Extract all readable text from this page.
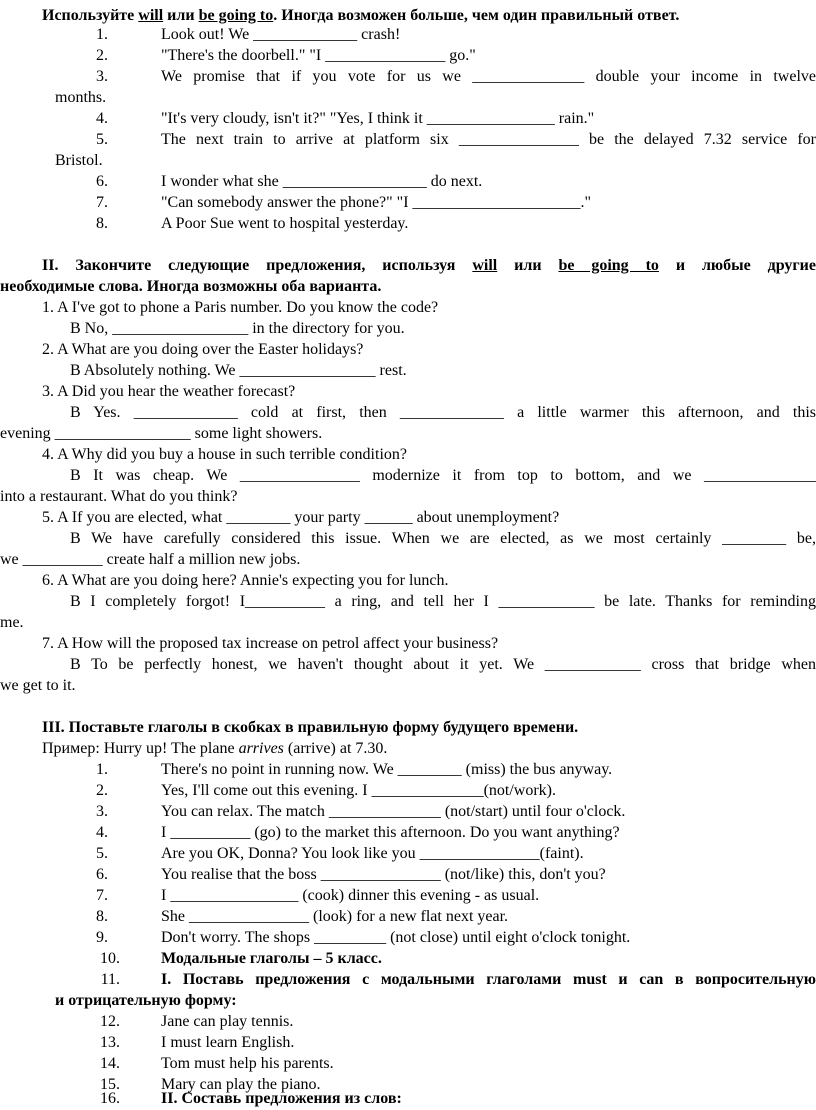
Используйте will или be going to. Иногда возможен больше, чем один правильный ответ.
1.	Look out! We _____________ crash!
2.	"There's the doorbell." "I _______________ go."
3.	We promise that if you vote for us we ______________ double your income in twelve
months.
4.	"It's very cloudy, isn't it?" "Yes, I think it ________________ rain."
5.	The next train to arrive at platform six _______________ be the delayed 7.32 service for
Bristol.
6.	I wonder what she __________________ do next.
7.	"Can somebody answer the phone?" "I _____________________."
8.	A Poor Sue went to hospital yesterday.
II. Закончите следующие предложения, используя will или be going to и любые другие
необходимые слова. Иногда возможны оба варианта.
1. A I've got to phone a Paris number. Do you know the code?
B No, _________________ in the directory for you.
2. A What are you doing over the Easter holidays?
B Absolutely nothing. We _________________ rest.
3. A Did you hear the weather forecast?
B Yes. _____________ cold at first, then _____________ a little warmer this afternoon, and this
evening _________________ some light showers.
4. A Why did you buy a house in such terrible condition?
B It was cheap. We _______________ modernize it from top to bottom, and we ______________
into a restaurant. What do you think?
5. A If you are elected, what ________ your party ______ about unemployment?
B We have carefully considered this issue. When we are elected, as we most certainly ________ be,
we __________ create half a million new jobs.
6. A What are you doing here? Annie's expecting you for lunch.
B I completely forgot! I__________ a ring, and tell her I ____________ be late. Thanks for reminding
me.
7. A How will the proposed tax increase on petrol affect your business?
B To be perfectly honest, we haven't thought about it yet. We ____________ cross that bridge when
we get to it.
III. Поставьте глаголы в скобках в правильную форму будущего времени.
Пример: Hurry up! The plane arrives (arrive) at 7.30.
1.	There's no point in running now. We ________ (miss) the bus anyway.
2.	Yes, I'll come out this evening. I ______________(not/work).
3.	You can relax. The match ______________ (not/start) until four o'clock.
4.	I __________ (go) to the market this afternoon. Do you want anything?
5.	Are you OK, Donna? You look like you _______________(faint).
6.	You realise that the boss _______________ (not/like) this, don't you?
7.	I ________________ (cook) dinner this evening - as usual.
8.	She _______________ (look) for a new flat next year.
9.	Don't worry. The shops _________ (not close) until eight o'clock tonight.
10.	Модальные глаголы – 5 класс.
11.	I. Поставь предложения с модальными глаголами must и can в вопросительную
и отрицательную форму:
12.	Jane can play tennis.
13.	I must learn English.
14.	Tom must help his parents.
15.	Mary can play the piano.
16.	II. Составь предложения из слов:
